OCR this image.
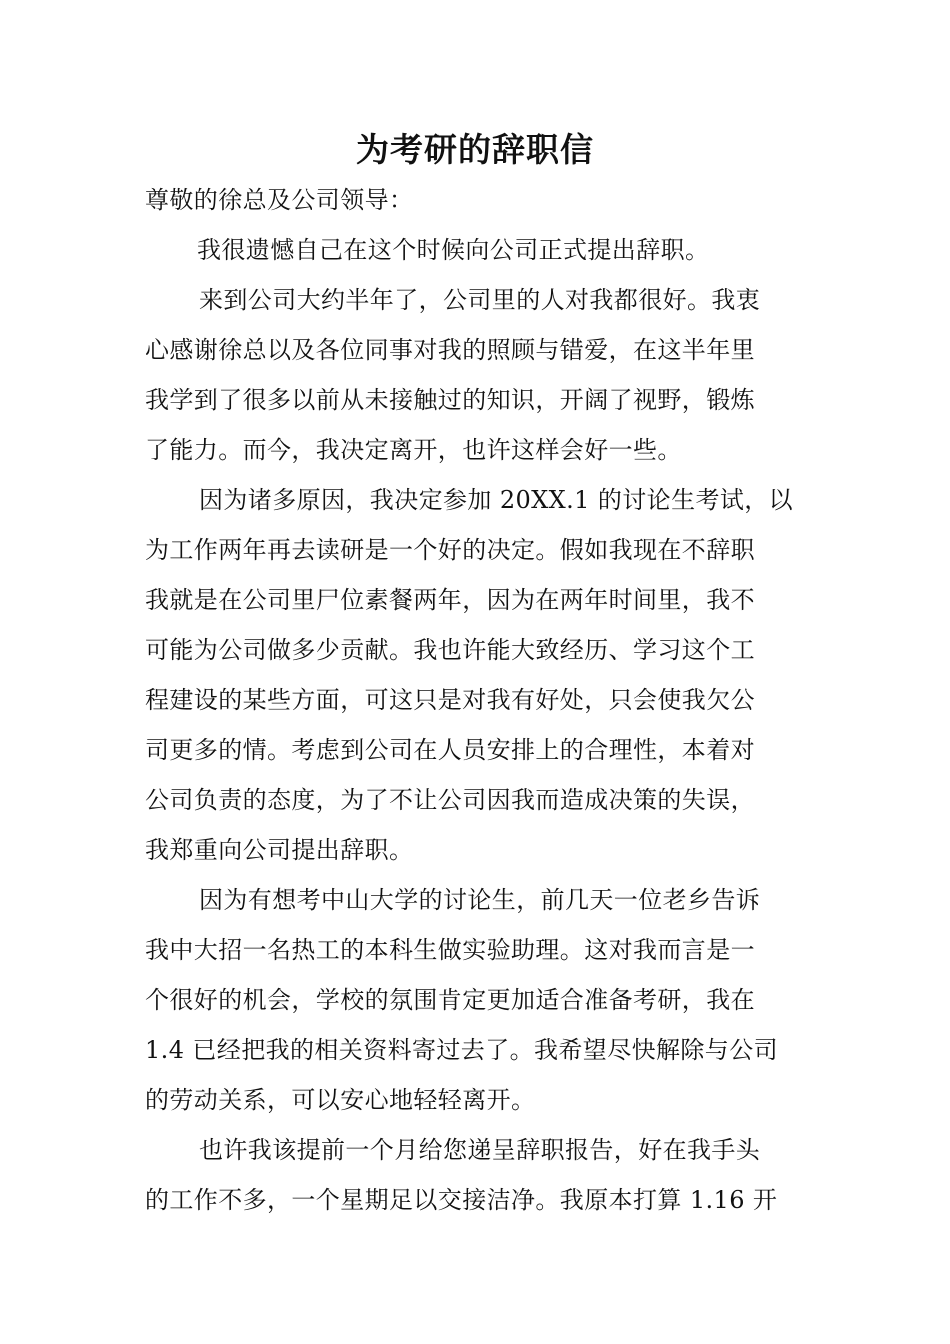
为考研的辞职信
尊敬的徐总及公司领导：
我很遗憾自己在这个时候向公司正式提出辞职。
来到公司大约半年了，公司里的人对我都很好。我衷
心感谢徐总以及各位同事对我的照顾与错爱，在这半年里
我学到了很多以前从未接触过的知识，开阔了视野，锻炼
了能力。而今，我决定离开，也许这样会好一些。
因为诸多原因，我决定参加 20XX.1 的讨论生考试，以
为工作两年再去读研是一个好的决定。假如我现在不辞职
我就是在公司里尸位素餐两年，因为在两年时间里，我不
可能为公司做多少贡献。我也许能大致经历、学习这个工
程建设的某些方面，可这只是对我有好处，只会使我欠公
司更多的情。考虑到公司在人员安排上的合理性，本着对
公司负责的态度，为了不让公司因我而造成决策的失误，
我郑重向公司提出辞职。
因为有想考中山大学的讨论生，前几天一位老乡告诉
我中大招一名热工的本科生做实验助理。这对我而言是一
个很好的机会，学校的氛围肯定更加适合准备考研，我在
1.4 已经把我的相关资料寄过去了。我希望尽快解除与公司
的劳动关系，可以安心地轻轻离开。
也许我该提前一个月给您递呈辞职报告，好在我手头
的工作不多，一个星期足以交接洁净。我原本打算 1.16 开
